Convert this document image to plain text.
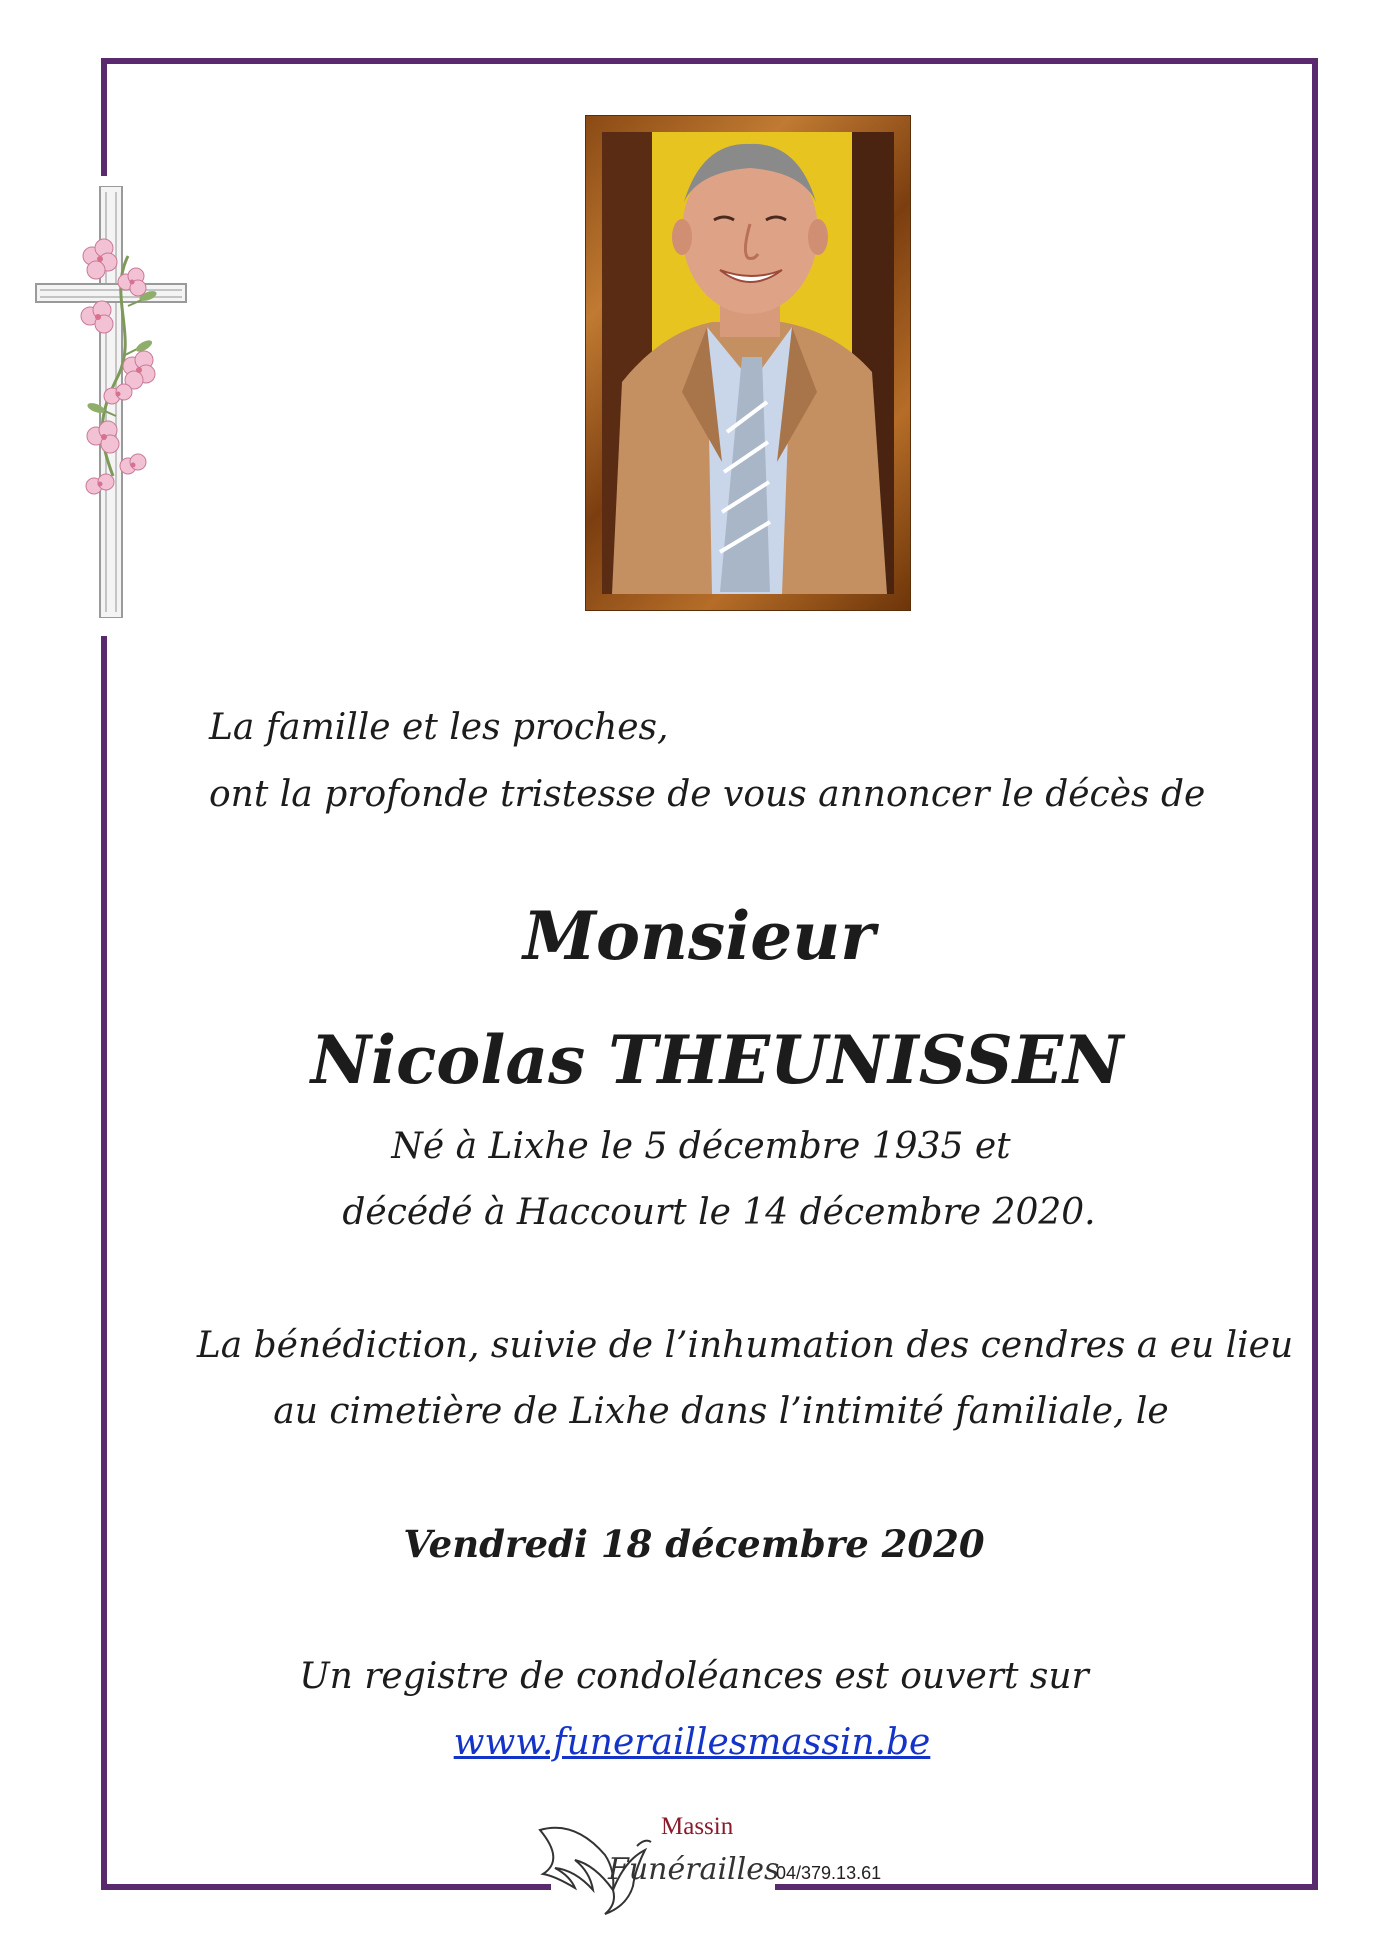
La famille et les proches,

ont la profonde tristesse de vous annoncer le décès de

Monsieur

Nicolas THEUNISSEN

Né à Lixhe le 5 décembre 1935 et

décédé à Haccourt le 14 décembre 2020.

La bénédiction, suivie de l’inhumation des cendres a eu lieu

au cimetière de Lixhe dans l’intimité familiale, le

Vendredi 18 décembre 2020

Un registre de condoléances est ouvert sur

www.funeraillesmassin.be
Massin
Funérailles
04/379.13.61
